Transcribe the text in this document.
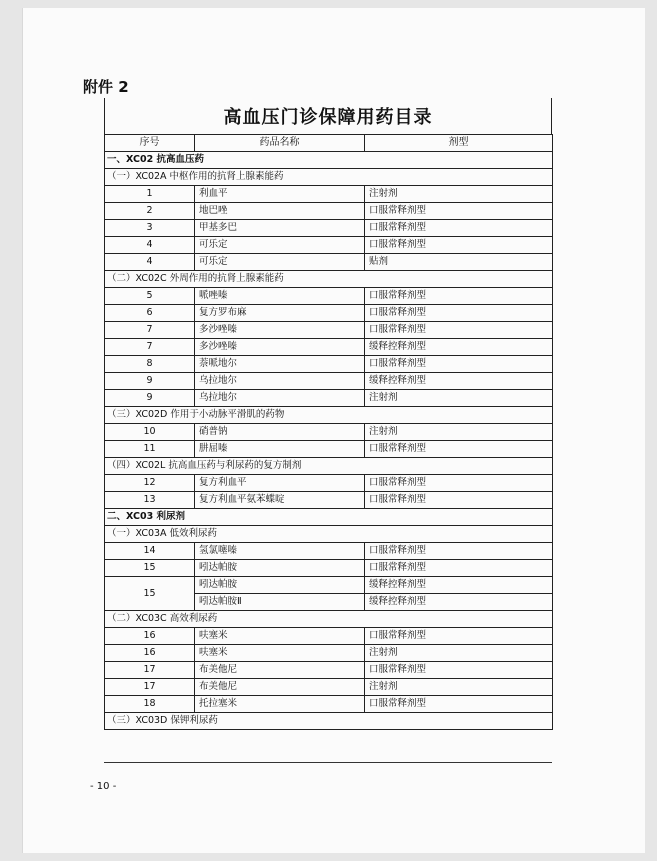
附件 2
高血压门诊保障用药目录
序号	药品名称	剂型
一、XC02 抗高血压药		
（一）XC02A 中枢作用的抗肾上腺素能药		
1	利血平	注射剂
2	地巴唑	口服常释剂型
3	甲基多巴	口服常释剂型
4	可乐定	口服常释剂型
4	可乐定	贴剂
（二）XC02C 外周作用的抗肾上腺素能药		
5	哌唑嗪	口服常释剂型
6	复方罗布麻	口服常释剂型
7	多沙唑嗪	口服常释剂型
7	多沙唑嗪	缓释控释剂型
8	萘哌地尔	口服常释剂型
9	乌拉地尔	缓释控释剂型
9	乌拉地尔	注射剂
（三）XC02D 作用于小动脉平滑肌的药物		
10	硝普钠	注射剂
11	肼屈嗪	口服常释剂型
（四）XC02L 抗高血压药与利尿药的复方制剂		
12	复方利血平	口服常释剂型
13	复方利血平氨苯蝶啶	口服常释剂型
二、XC03 利尿剂		
（一）XC03A 低效利尿药		
14	氢氯噻嗪	口服常释剂型
15	吲达帕胺	口服常释剂型
15	吲达帕胺	缓释控释剂型
	吲达帕胺Ⅱ	缓释控释剂型
（二）XC03C 高效利尿药		
16	呋塞米	口服常释剂型
16	呋塞米	注射剂
17	布美他尼	口服常释剂型
17	布美他尼	注射剂
18	托拉塞米	口服常释剂型
（三）XC03D 保钾利尿药		
- 10 -
